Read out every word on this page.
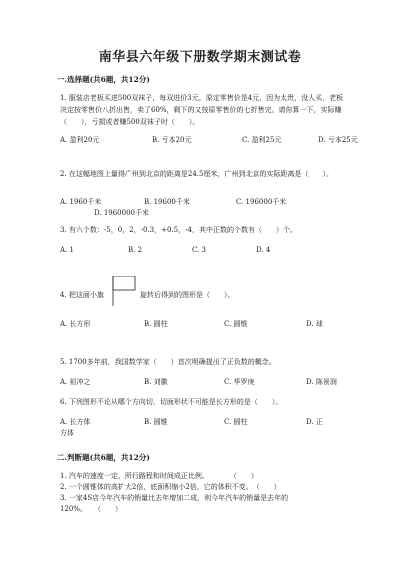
南华县六年级下册数学期末测试卷
一.选择题(共6题，共12分)
1. 服装店老板买进500双袜子，每双进价3元，原定零售价是4元，因为太贵，没人买，老板决定按零售价八折出售，卖了60%，剩下的又按原零售价的七折售完。请你算一下，实际赚（　　），亏损或者赚500双袜子时（　　）。
A. 盈利20元	B. 亏本20元	C. 盈利25元	D. 亏本25元
2. 在这幅地图上量得广州到北京的距离是24.5厘米，广州到北京的实际距离是（　　）。
A. 1960千米	B. 19600千米	C. 196000千米
D. 1960000千米
3. 有六个数：-5，0，2，-0.3，+0.5，-4，其中正数的个数有（　　）个。
A. 1	B. 2	C. 3	D. 4
4. 把这面小旗	旋转后得到的图形是（　　）。
A. 长方形	B. 圆柱	C. 圆锥	D. 球
5. 1700多年前，我国数学家（　　）首次明确提出了正负数的概念。
A. 祖冲之	B. 刘徽	C. 华罗庚	D. 陈景润
6. 下列图形不论从哪个方向切，切面形状不可能是长方形的是（　　）。
A. 长方体	B. 圆锥	C. 圆柱	D. 正
方体
二.判断题(共6题，共12分)
1. 汽车的速度一定，所行路程和时间成正比例。　　　　（　　）
2. 一个圆锥体的高扩大2倍，底面积缩小2倍，它的体积不变。　（　　）
3. 一家4S店今年汽车的销量比去年增加二成，则今年汽车的销量是去年的
120%。　　（　　）
